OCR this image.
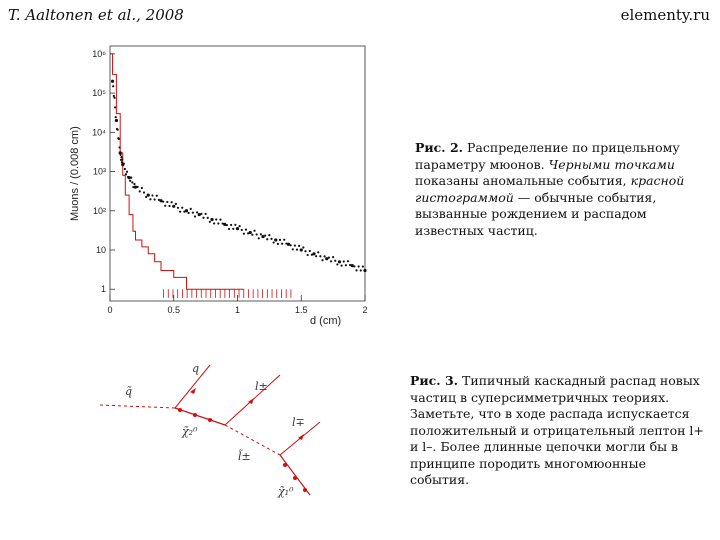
T. Aaltonen et al., 2008	elementy.ru
1
10
10²
10³
10⁴
10⁵
10⁶
0	0.5	1	1.5	2
d (cm)
Muons / (0.008 cm)
q̃
χ̃₂⁰
l̃±
χ̃₁⁰
q
l±
l∓
Рис. 2. Распределение по прицельному параметру мюонов. Черными точками показаны аномальные события, красной гистограммой — обычные события, вызванные рождением и распадом известных частиц.
Рис. 3. Типичный каскадный распад новых частиц в суперсимметричных теориях. Заметьте, что в ходе распада испускается положительный и отрицательный лептон l+ и l–. Более длинные цепочки могли бы в принципе породить многомюонные события.
